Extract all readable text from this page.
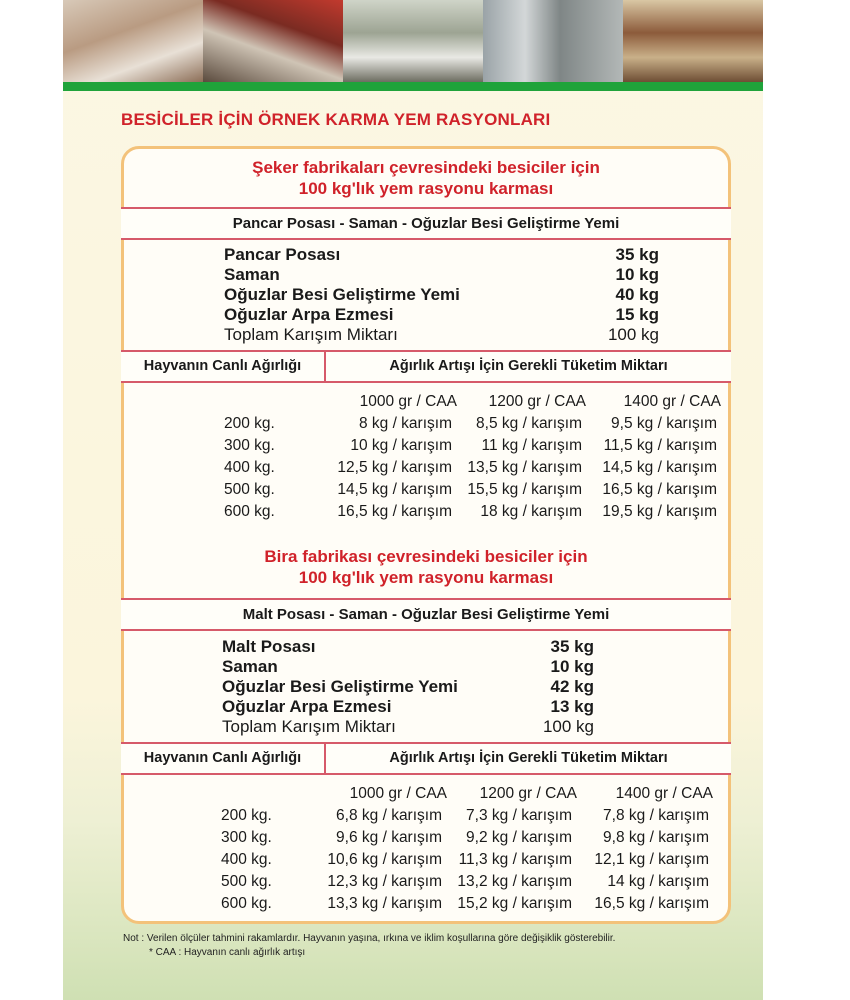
BESİCİLER İÇİN ÖRNEK KARMA YEM RASYONLARI
Şeker fabrikaları çevresindeki besiciler için
100 kg'lık yem rasyonu karması
Pancar Posası - Saman - Oğuzlar Besi Geliştirme Yemi
Pancar Posası	35 kg
Saman	10 kg
Oğuzlar Besi Geliştirme Yemi	40 kg
Oğuzlar Arpa Ezmesi	15 kg
Toplam Karışım Miktarı	100 kg
Hayvanın Canlı Ağırlığı	Ağırlık Artışı İçin Gerekli Tüketim Miktarı
1000 gr / CAA	1200 gr / CAA	1400 gr / CAA
200 kg.	8 kg / karışım	8,5 kg / karışım	9,5 kg / karışım
300 kg.	10 kg / karışım	11 kg / karışım	11,5 kg / karışım
400 kg.	12,5 kg / karışım 13,5 kg / karışım	14,5 kg / karışım
500 kg.	14,5 kg / karışım 15,5 kg / karışım	16,5 kg / karışım
600 kg.	16,5 kg / karışım	18 kg / karışım	19,5 kg / karışım
Bira fabrikası çevresindeki besiciler için
100 kg'lık yem rasyonu karması
Malt Posası - Saman - Oğuzlar Besi Geliştirme Yemi
Malt Posası	35 kg
Saman	10 kg
Oğuzlar Besi Geliştirme Yemi	42 kg
Oğuzlar Arpa Ezmesi	13 kg
Toplam Karışım Miktarı	100 kg
Hayvanın Canlı Ağırlığı	Ağırlık Artışı İçin Gerekli Tüketim Miktarı
1000 gr / CAA	1200 gr / CAA	1400 gr / CAA
200 kg.	6,8 kg / karışım	7,3 kg / karışım	7,8 kg / karışım
300 kg.	9,6 kg / karışım	9,2 kg / karışım	9,8 kg / karışım
400 kg.	10,6 kg / karışım	11,3 kg / karışım	12,1 kg / karışım
500 kg.	12,3 kg / karışım 13,2 kg / karışım	14 kg / karışım
600 kg.	13,3 kg / karışım 15,2 kg / karışım	16,5 kg / karışım
Not : Verilen ölçüler tahmini rakamlardır. Hayvanın yaşına, ırkına ve iklim koşullarına göre değişiklik gösterebilir.
* CAA : Hayvanın canlı ağırlık artışı
